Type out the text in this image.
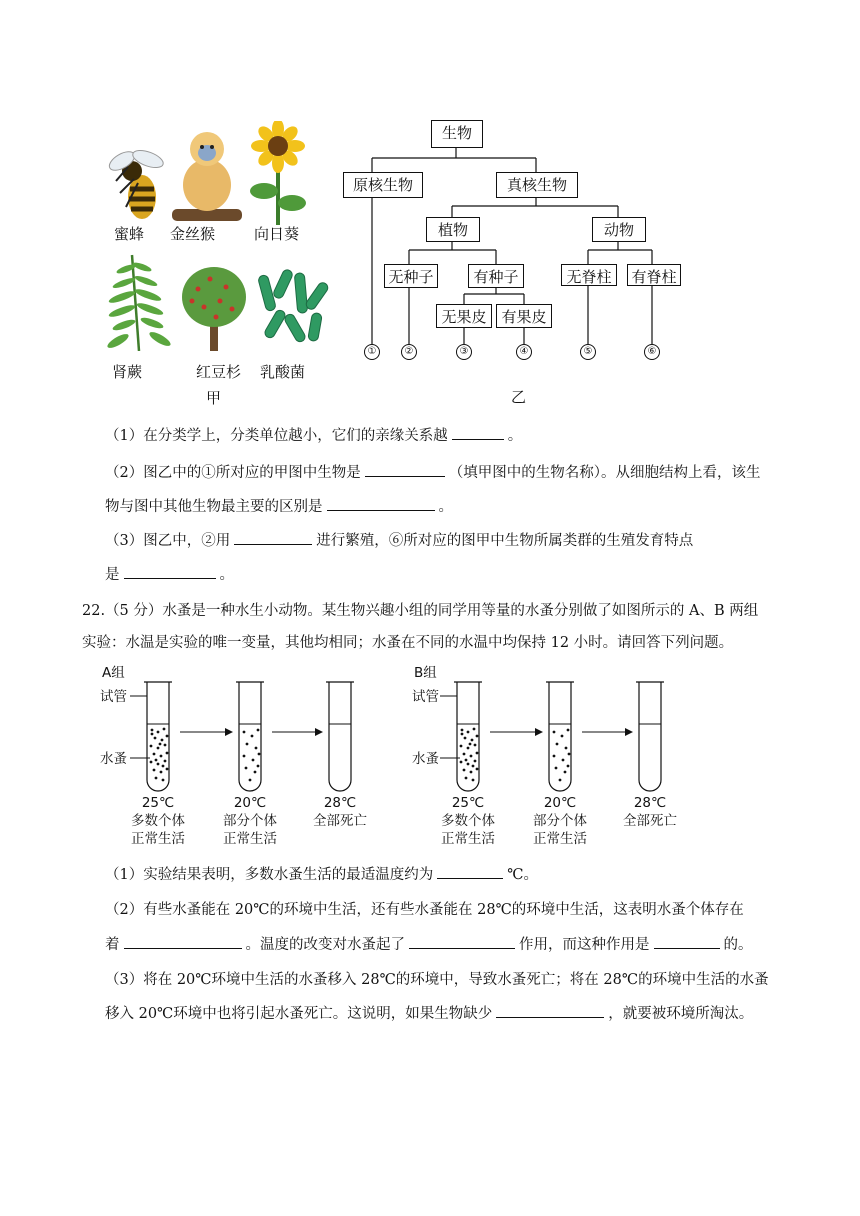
蜜蜂 金丝猴	向日葵
肾蕨	红豆杉 乳酸菌
甲
生物
原核生物	真核生物
植物	动物
无种子	有种子
无果皮 有果皮
无脊柱	有脊柱
①	②	③	④	⑤	⑥
乙
（1）在分类学上，分类单位越小，它们的亲缘关系越	。
（2）图乙中的①所对应的甲图中生物是	（填甲图中的生物名称）。从细胞结构上看，该生
物与图中其他生物最主要的区别是	。
（3）图乙中，②用	进行繁殖，⑥所对应的图甲中生物所属类群的生殖发育特点
是	。
22.（5 分）水蚤是一种水生小动物。某生物兴趣小组的同学用等量的水蚤分别做了如图所示的 A、B 两组
实验：水温是实验的唯一变量，其他均相同；水蚤在不同的水温中均保持 12 小时。请回答下列问题。
A组
试管
水蚤
25℃
多数个体
正常生活
20℃
部分个体
正常生活
28℃
全部死亡
B组
试管
水蚤
25℃
多数个体
正常生活
20℃
部分个体
正常生活
28℃
全部死亡
（1）实验结果表明，多数水蚤生活的最适温度约为	℃。
（2）有些水蚤能在 20℃的环境中生活，还有些水蚤能在 28℃的环境中生活，这表明水蚤个体存在
着	。温度的改变对水蚤起了	作用，而这种作用是	的。
（3）将在 20℃环境中生活的水蚤移入 28℃的环境中，导致水蚤死亡；将在 28℃的环境中生活的水蚤
移入 20℃环境中也将引起水蚤死亡。这说明，如果生物缺少	，就要被环境所淘汰。
